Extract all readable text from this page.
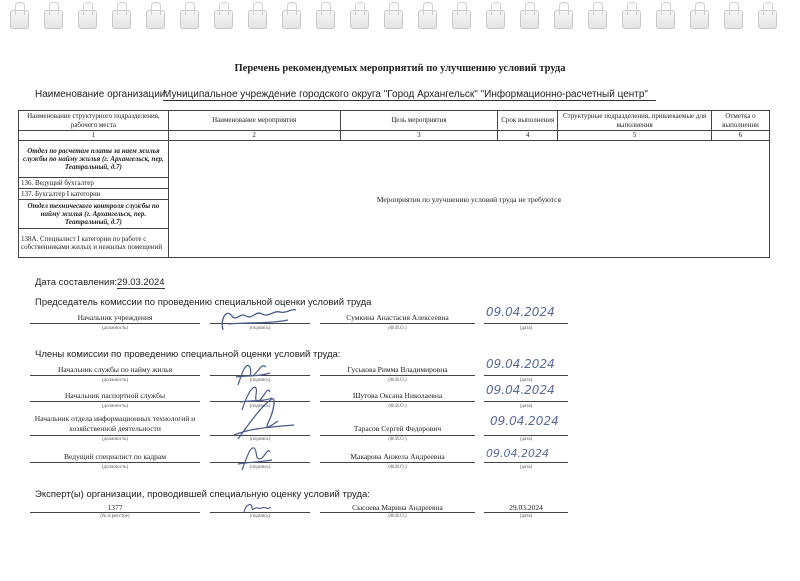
Перечень рекомендуемых мероприятий по улучшению условий труда
Наименование организации:
Муниципальное учреждение городского округа "Город Архангельск" "Информационно-расчетный центр"
Наименование структурного подразделения, рабочего места	Наименование мероприятия	Цель мероприятия	Срок выполнения	Структурные подразделения, привлекаемые для выполнения	Отметка о выполнении
1	2	3	4	5	6
Отдел по расчетам платы за наем жилья службы по найму жилья (г. Архангельск, пер. Театральный, д.7)	Мероприятия по улучшению условий труда не требуются				
136. Ведущий бухгалтер					
137. Бухгалтер I категории					
Отдел технического контроля службы по найму жилья (г. Архангельск, пер. Театральный, д.7)					
138А. Специалист I категории по работе с собственниками жилых и нежилых помещений					
Дата составления: 29.03.2024
Председатель комиссии по проведению специальной оценки условий труда
Начальник учреждения
(должность)	(подпись)
Сумкина Анастасия Алексеевна
(Ф.И.О.)
09.04.2024
(дата)
Члены комиссии по проведению специальной оценки условий труда:
Начальник службы по найму жилья
(должность)	(подпись)
Гуськова Римма Владимировна
(Ф.И.О.)
09.04.2024
(дата)
Начальник паспортной службы
(должность)	(подпись)
Шутова Оксана Николаевна
(Ф.И.О.)
09.04.2024
(дата)
Начальник отдела информационных технологий и хозяйственной деятельности
(должность)	(подпись)
Тарасов Сергей Федорович
(Ф.И.О.)
09.04.2024
(дата)
Ведущий специалист по кадрам
(должность)	(подпись)
Макарова Анжела Андреевна
(Ф.И.О.)
09.04.2024
(дата)
Эксперт(ы) организации, проводившей специальную оценку условий труда:
1377
(№ в реестре)	(подпись)
Сысоева Марина Андреевна
(Ф.И.О.)
29.03.2024
(дата)
